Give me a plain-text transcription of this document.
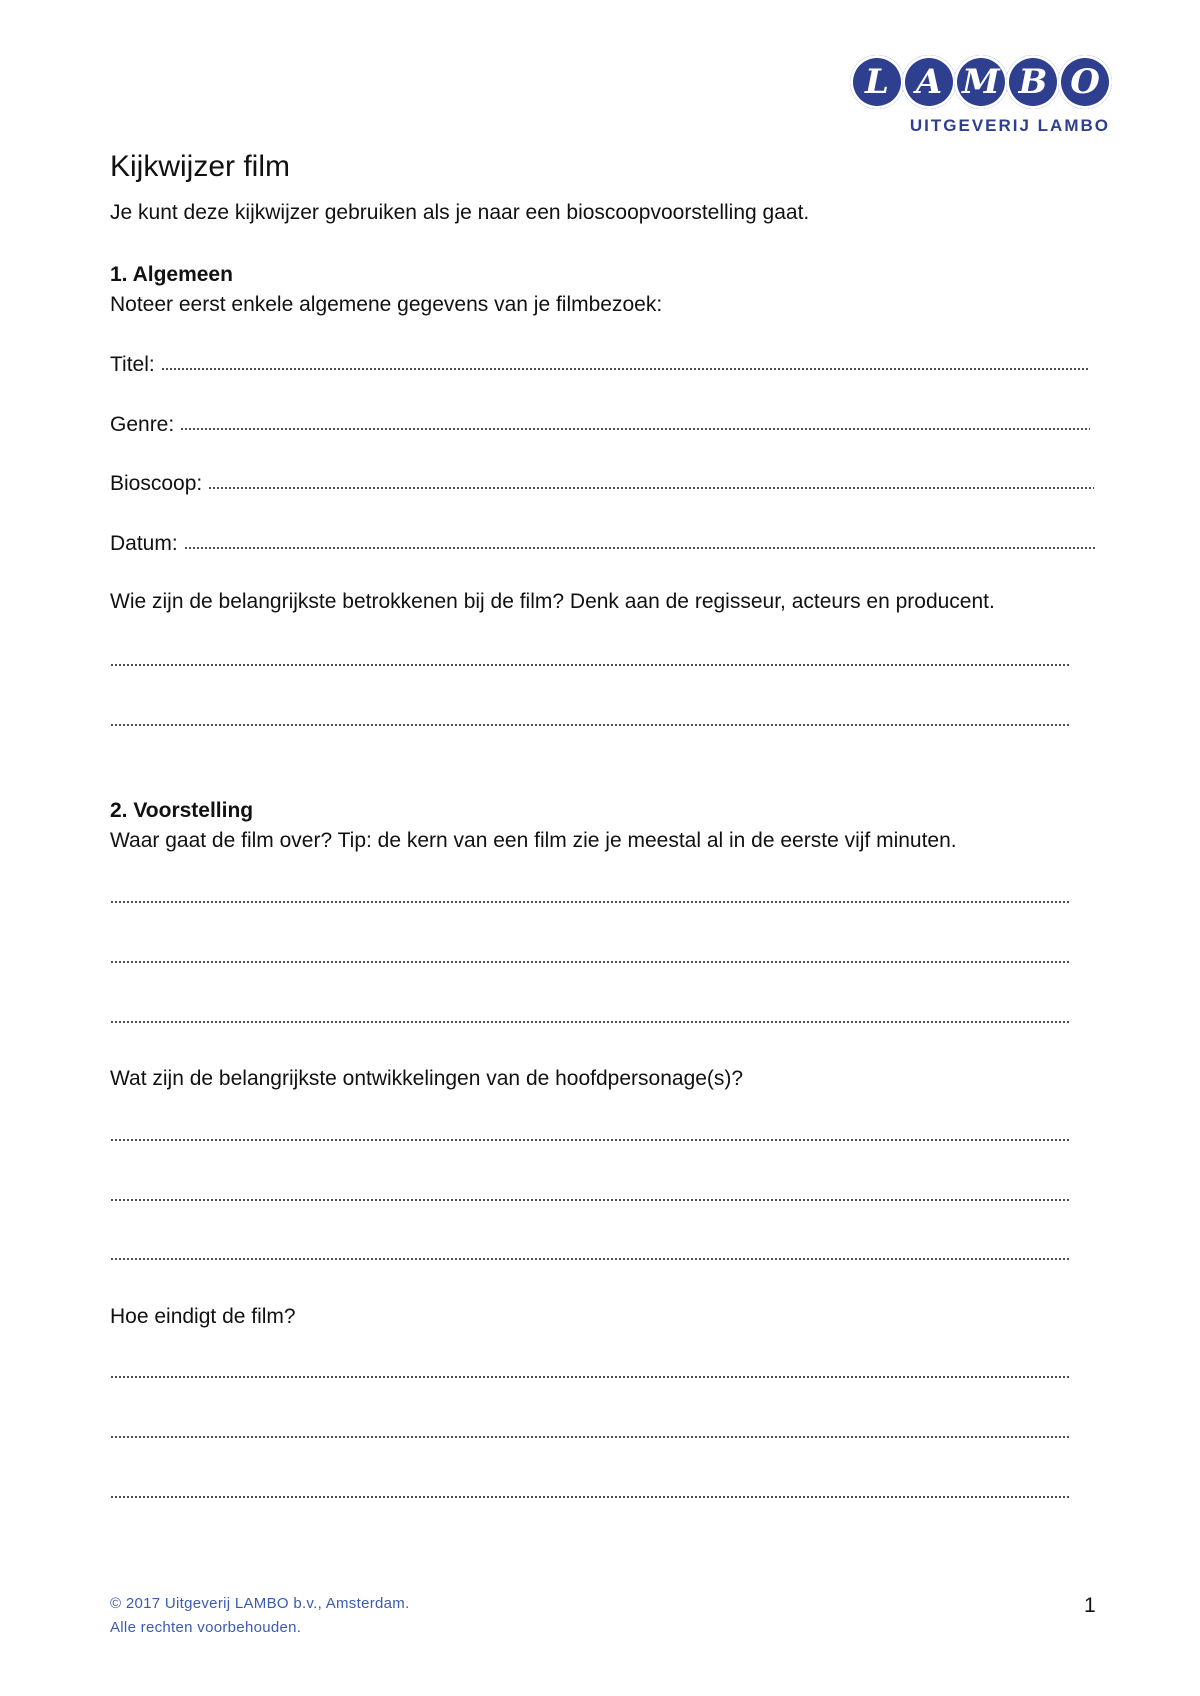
L A M B O
UITGEVERIJ LAMBO
Kijkwijzer film

Je kunt deze kijkwijzer gebruiken als je naar een bioscoopvoorstelling gaat.

1. Algemeen

Noteer eerst enkele algemene gegevens van je filmbezoek:

Titel:
Genre:
Bioscoop:
Datum:

Wie zijn de belangrijkste betrokkenen bij de film? Denk aan de regisseur, acteurs en producent.

2. Voorstelling

Waar gaat de film over? Tip: de kern van een film zie je meestal al in de eerste vijf minuten.

Wat zijn de belangrijkste ontwikkelingen van de hoofdpersonage(s)?

Hoe eindigt de film?

© 2017 Uitgeverij LAMBO b.v., Amsterdam.
Alle rechten voorbehouden.
1
